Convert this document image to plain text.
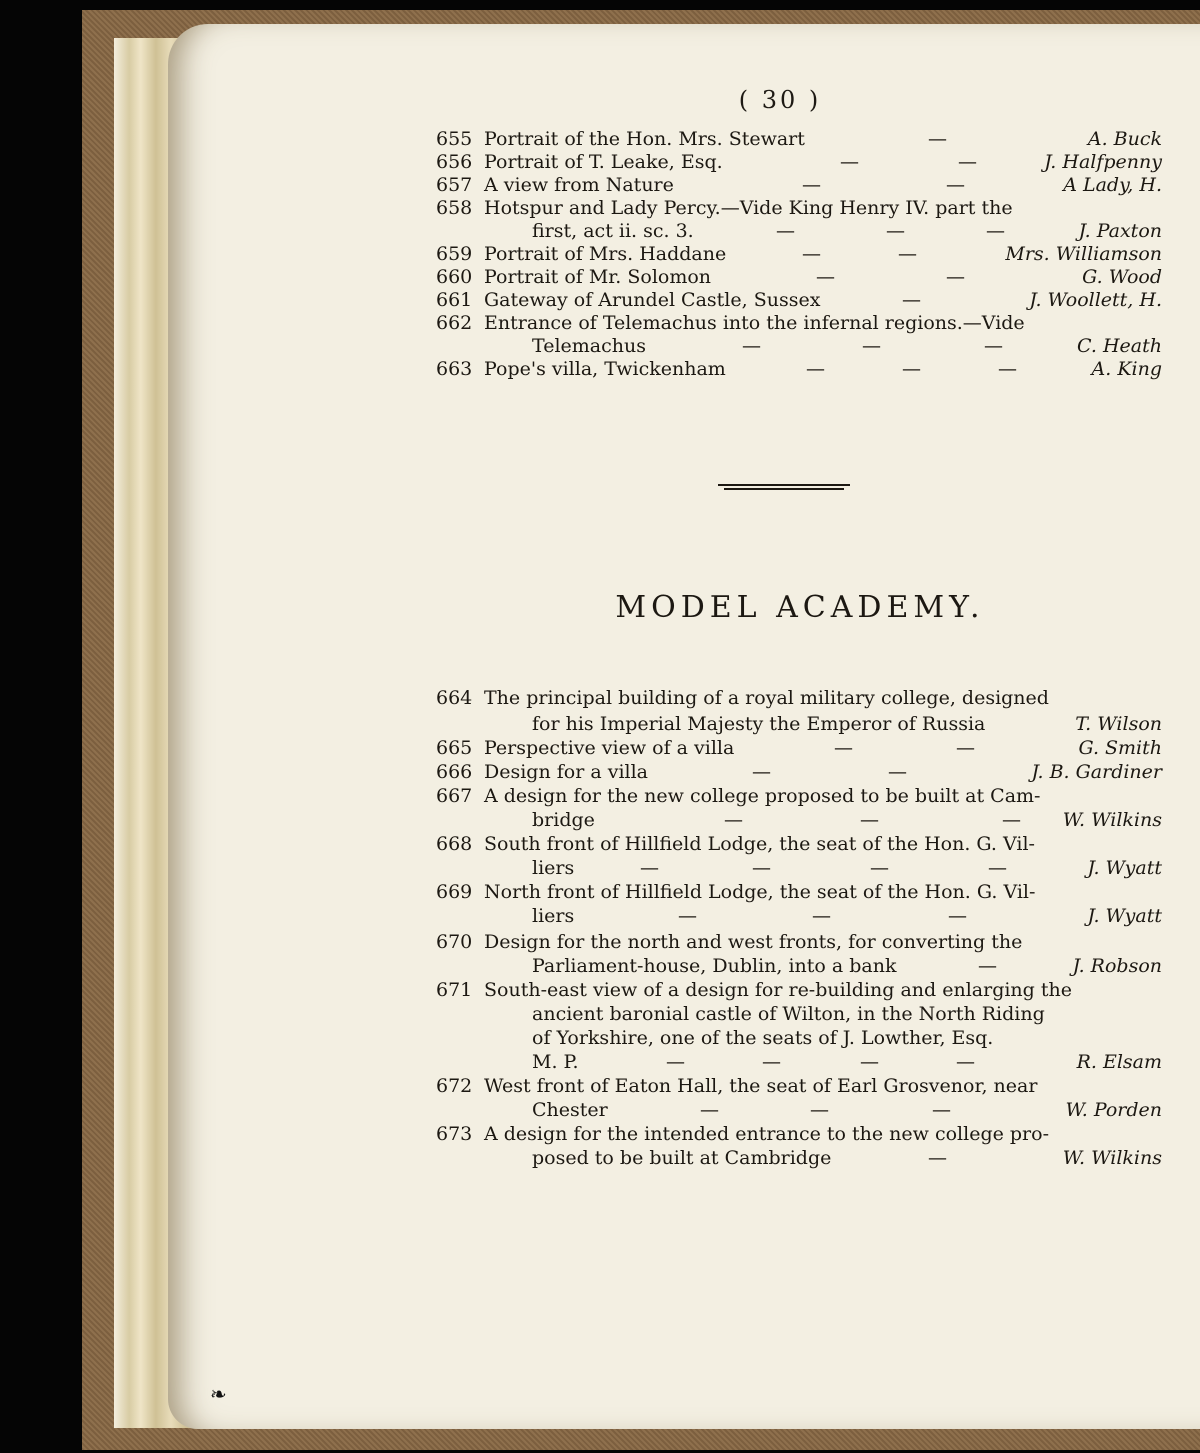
( 30 )
655 Portrait of the Hon. Mrs. Stewart	—	A. Buck
656 Portrait of T. Leake, Esq.	—	—	J. Halfpenny
657 A view from Nature	—	—	A Lady, H.
658 Hotspur and Lady Percy.—Vide King Henry IV. part the
first, act ii. sc. 3.	—	—	—	J. Paxton
659 Portrait of Mrs. Haddane	—	—	Mrs. Williamson
660 Portrait of Mr. Solomon	—	—	G. Wood
661 Gateway of Arundel Castle, Sussex	—	J. Woollett, H.
662 Entrance of Telemachus into the infernal regions.—Vide
Telemachus	—	—	—	C. Heath
663 Pope's villa, Twickenham	—	—	—	A. King
MODEL ACADEMY.
664 The principal building of a royal military college, designed
for his Imperial Majesty the Emperor of Russia	T. Wilson
665 Perspective view of a villa	—	—	G. Smith
666 Design for a villa	—	—	J. B. Gardiner
667 A design for the new college proposed to be built at Cam-
bridge	—	—	— W. Wilkins
668 South front of Hillfield Lodge, the seat of the Hon. G. Vil-
liers	—	—	—	—	J. Wyatt
669 North front of Hillfield Lodge, the seat of the Hon. G. Vil-
liers	—	—	—	J. Wyatt
670 Design for the north and west fronts, for converting the
Parliament-house, Dublin, into a bank	—	J. Robson
671 South-east view of a design for re-building and enlarging the
ancient baronial castle of Wilton, in the North Riding
of Yorkshire, one of the seats of J. Lowther, Esq.
M. P.	—	—	—	—	R. Elsam
672 West front of Eaton Hall, the seat of Earl Grosvenor, near
Chester	—	—	—	W. Porden
673 A design for the intended entrance to the new college pro-
posed to be built at Cambridge	—	W. Wilkins
❧
